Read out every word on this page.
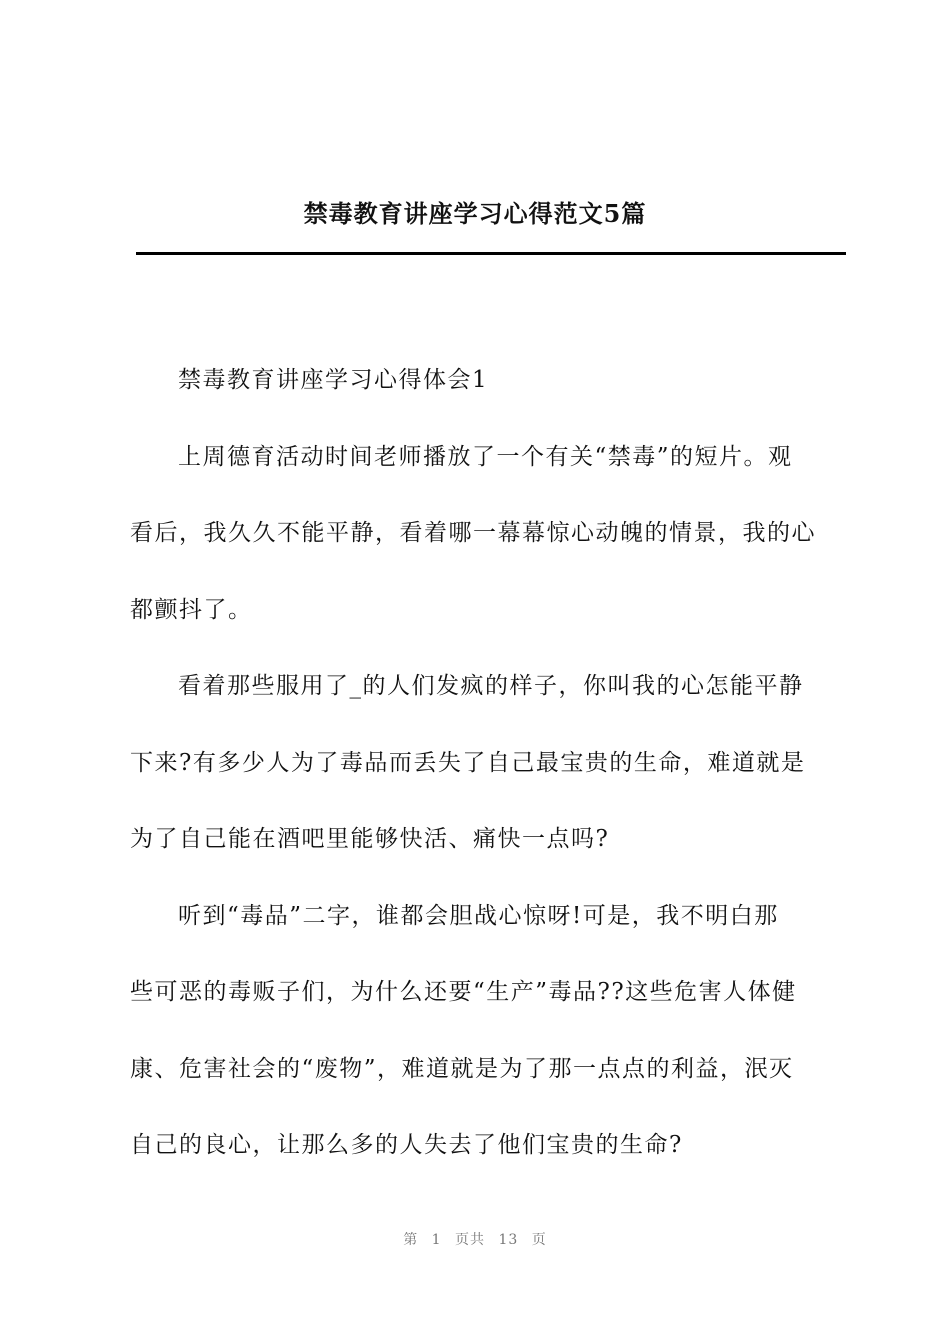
禁毒教育讲座学习心得范文5篇

禁毒教育讲座学习心得体会1

上周德育活动时间老师播放了一个有关“禁毒”的短片。观
看后，我久久不能平静，看着哪一幕幕惊心动魄的情景，我的心
都颤抖了。

看着那些服用了_的人们发疯的样子，你叫我的心怎能平静
下来?有多少人为了毒品而丢失了自己最宝贵的生命，难道就是
为了自己能在酒吧里能够快活、痛快一点吗?

听到“毒品”二字，谁都会胆战心惊呀!可是，我不明白那
些可恶的毒贩子们，为什么还要“生产”毒品??这些危害人体健
康、危害社会的“废物”，难道就是为了那一点点的利益，泯灭
自己的良心，让那么多的人失去了他们宝贵的生命?

第 1 页共 13 页
